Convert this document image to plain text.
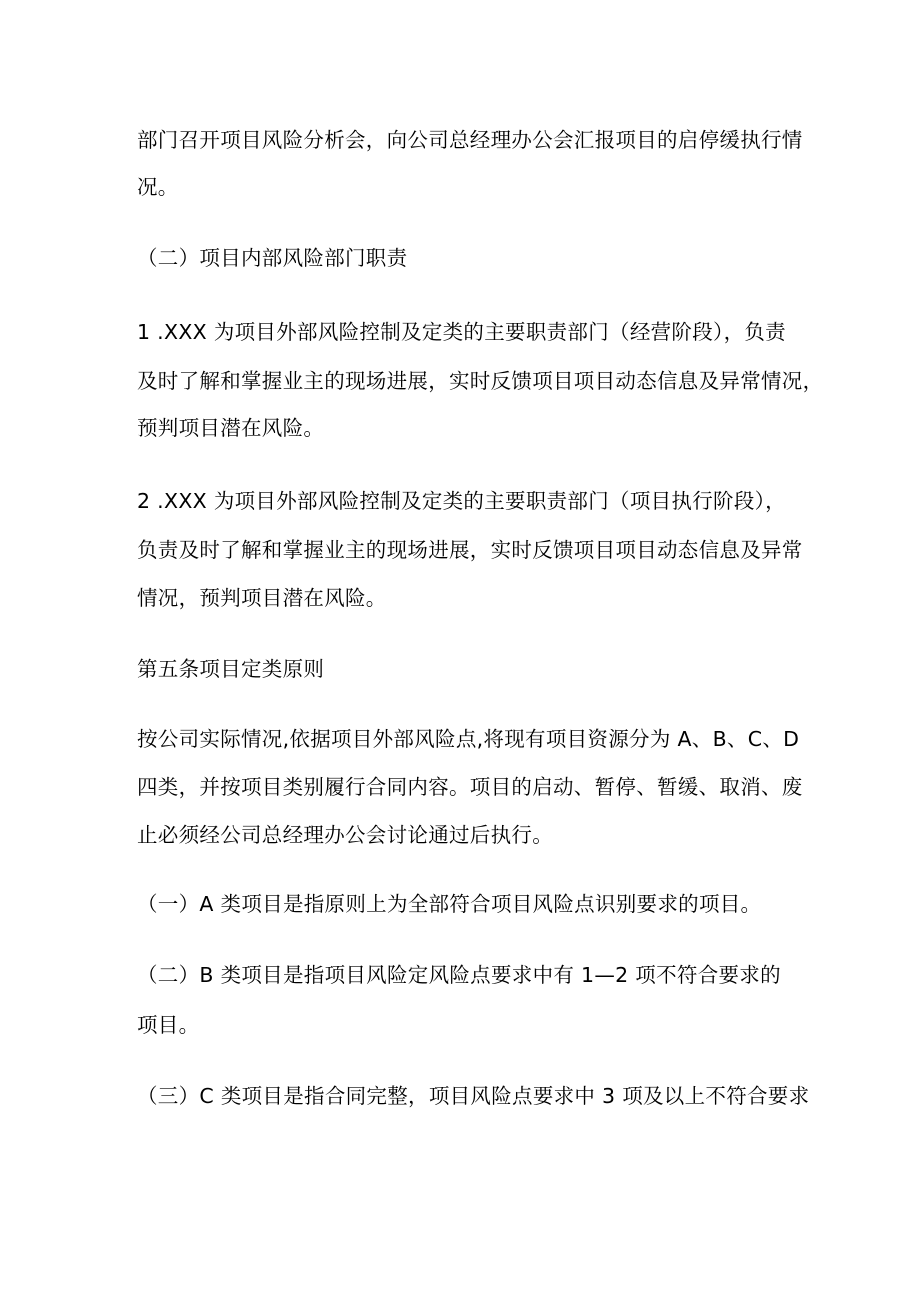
部门召开项目风险分析会，向公司总经理办公会汇报项目的启停缓执行情
况。
（二）项目内部风险部门职责
1 .XXX 为项目外部风险控制及定类的主要职责部门（经营阶段），负责
及时了解和掌握业主的现场进展，实时反馈项目项目动态信息及异常情况，
预判项目潜在风险。
2 .XXX 为项目外部风险控制及定类的主要职责部门（项目执行阶段），
负责及时了解和掌握业主的现场进展，实时反馈项目项目动态信息及异常
情况，预判项目潜在风险。
第五条项目定类原则
按公司实际情况,依据项目外部风险点,将现有项目资源分为 A、B、C、D
四类，并按项目类别履行合同内容。项目的启动、暂停、暂缓、取消、废
止必须经公司总经理办公会讨论通过后执行。
（一）A 类项目是指原则上为全部符合项目风险点识别要求的项目。
（二）B 类项目是指项目风险定风险点要求中有 1—2 项不符合要求的
项目。
（三）C 类项目是指合同完整，项目风险点要求中 3 项及以上不符合要求
